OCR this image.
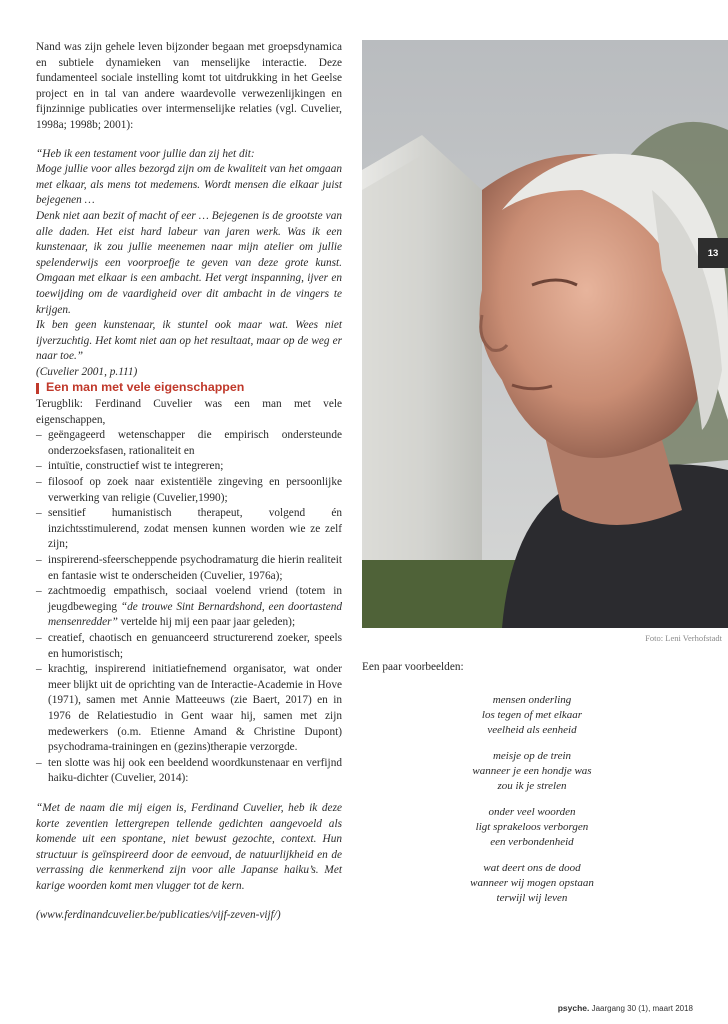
Nand was zijn gehele leven bijzonder begaan met groepsdynamica en subtiele dynamieken van menselijke interactie. Deze fundamenteel sociale instelling komt tot uitdrukking in het Geelse project en in tal van andere waardevolle verwezenlijkingen en fijnzinnige publicaties over intermenselijke relaties (vgl. Cuvelier, 1998a; 1998b; 2001):

“Heb ik een testament voor jullie dan zij het dit:
Moge jullie voor alles bezorgd zijn om de kwaliteit van het omgaan met elkaar, als mens tot medemens. Wordt mensen die elkaar juist bejegenen …
Denk niet aan bezit of macht of eer … Bejegenen is de grootste van alle daden. Het eist hard labeur van jaren werk. Was ik een kunstenaar, ik zou jullie meenemen naar mijn atelier om jullie spelenderwijs een voorproefje te geven van deze grote kunst. Omgaan met elkaar is een ambacht. Het vergt inspanning, ijver en toewijding om de vaardigheid over dit ambacht in de vingers te krijgen.
Ik ben geen kunstenaar, ik stuntel ook maar wat. Wees niet ijverzuchtig. Het komt niet aan op het resultaat, maar op de weg er naar toe.”

(Cuvelier 2001, p.111)

Een man met vele eigenschappen

Terugblik: Ferdinand Cuvelier was een man met vele eigenschappen,

– geëngageerd wetenschapper die empirisch ondersteunde onderzoeksfasen, rationaliteit en
– intuïtie, constructief wist te integreren;
– filosoof op zoek naar existentiële zingeving en persoonlijke verwerking van religie (Cuvelier,1990);
– sensitief humanistisch therapeut, volgend én inzichtsstimulerend, zodat mensen kunnen worden wie ze zelf zijn;
– inspirerend-sfeerscheppende psychodramaturg die hierin realiteit en fantasie wist te onderscheiden (Cuvelier, 1976a);
– zachtmoedig empathisch, sociaal voelend vriend (totem in jeugdbeweging “de trouwe Sint Bernardshond, een doortastend mensenredder” vertelde hij mij een paar jaar geleden);
– creatief, chaotisch en genuanceerd structurerend zoeker, speels en humoristisch;
– krachtig, inspirerend initiatiefnemend organisator, wat onder meer blijkt uit de oprichting van de Interactie-Academie in Hove (1971), samen met Annie Matteeuws (zie Baert, 2017) en in 1976 de Relatiestudio in Gent waar hij, samen met zijn medewerkers (o.m. Etienne Amand & Christine Dupont) psychodrama-trainingen en (gezins)therapie verzorgde.
– ten slotte was hij ook een beeldend woordkunstenaar en verfijnd haiku-dichter (Cuvelier, 2014):

“Met de naam die mij eigen is, Ferdinand Cuvelier, heb ik deze korte zeventien lettergrepen tellende gedichten aangevoeld als komende uit een spontane, niet bewust gezochte, context. Hun structuur is geïnspireerd door de eenvoud, de natuurlijkheid en de verrassing die kenmerkend zijn voor alle Japanse haiku’s. Met karige woorden komt men vlugger tot de kern.

(www.ferdinandcuvelier.be/publicaties/vijf-zeven-vijf/)

13
Foto: Leni Verhofstadt

Een paar voorbeelden:

mensen onderling
los tegen of met elkaar
veelheid als eenheid

meisje op de trein
wanneer je een hondje was
zou ik je strelen

onder veel woorden
ligt sprakeloos verborgen
een verbondenheid

wat deert ons de dood
wanneer wij mogen opstaan
terwijl wij leven

psyche. Jaargang 30 (1), maart 2018
